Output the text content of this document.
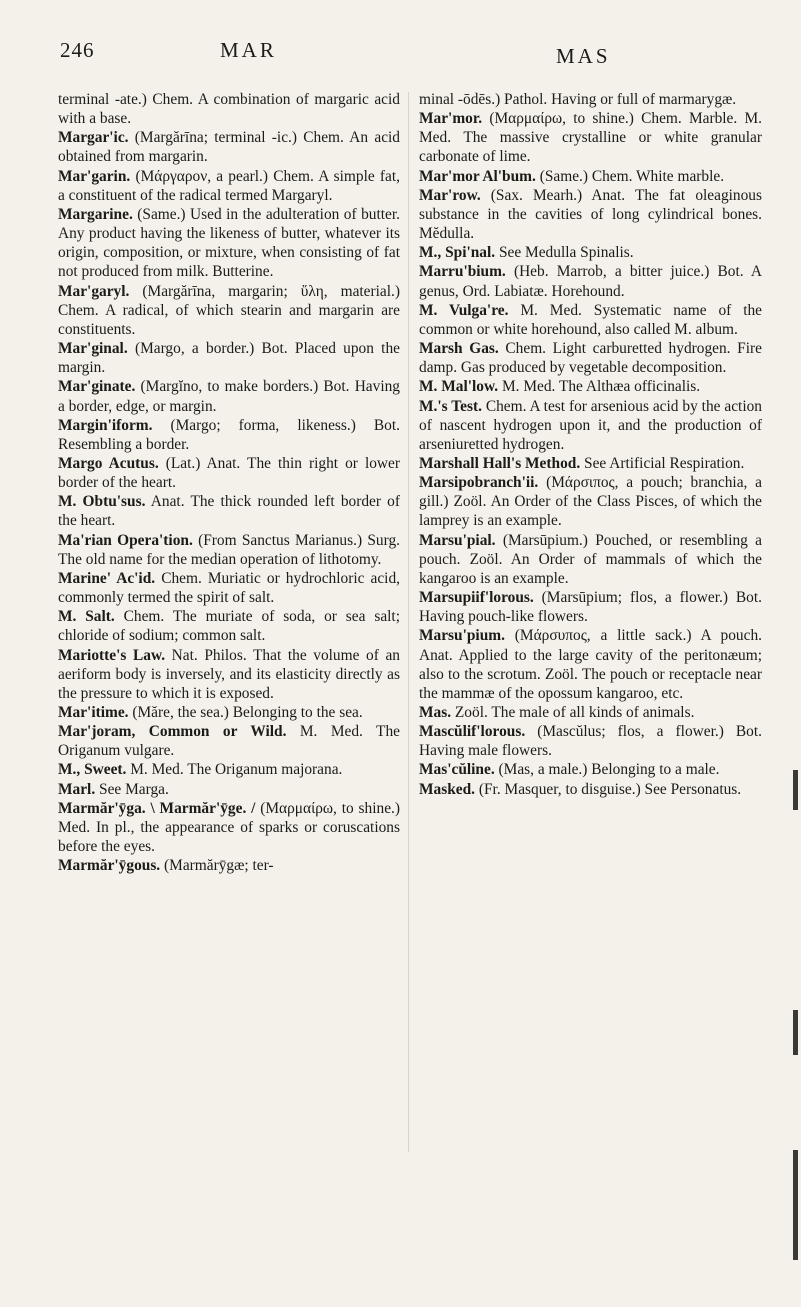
246	MAR	MAS

terminal -ate.) Chem. A combination of margaric acid with a base.

Margar'ic. (Margărīna; terminal -ic.) Chem. An acid obtained from margarin.

Mar'garin. (Μάργαρον, a pearl.) Chem. A simple fat, a constituent of the radical termed Margaryl.

Margarine. (Same.) Used in the adulteration of butter. Any product having the likeness of butter, whatever its origin, composition, or mixture, when consisting of fat not produced from milk. Butterine.

Mar'garyl. (Margărīna, margarin; ὕλη, material.) Chem. A radical, of which stearin and margarin are constituents.

Mar'ginal. (Margo, a border.) Bot. Placed upon the margin.

Mar'ginate. (Margĭno, to make borders.) Bot. Having a border, edge, or margin.

Margin'iform. (Margo; forma, likeness.) Bot. Resembling a border.

Margo Acutus. (Lat.) Anat. The thin right or lower border of the heart.

M. Obtu'sus. Anat. The thick rounded left border of the heart.

Ma'rian Opera'tion. (From Sanctus Marianus.) Surg. The old name for the median operation of lithotomy.

Marine' Ac'id. Chem. Muriatic or hydrochloric acid, commonly termed the spirit of salt.

M. Salt. Chem. The muriate of soda, or sea salt; chloride of sodium; common salt.

Mariotte's Law. Nat. Philos. That the volume of an aeriform body is inversely, and its elasticity directly as the pressure to which it is exposed.

Mar'itime. (Măre, the sea.) Belonging to the sea.

Mar'joram, Common or Wild. M. Med. The Origanum vulgare.

M., Sweet. M. Med. The Origanum majorana.

Marl. See Marga.

Marmăr'ȳga. \ Marmăr'ȳge. / (Μαρμαίρω, to shine.) Med. In pl., the appearance of sparks or coruscations before the eyes.

Marmăr'ȳgous. (Marmărȳgæ; ter-

minal -ōdēs.) Pathol. Having or full of marmarygæ.

Mar'mor. (Μαρμαίρω, to shine.) Chem. Marble. M. Med. The massive crystalline or white granular carbonate of lime.

Mar'mor Al'bum. (Same.) Chem. White marble.

Mar'row. (Sax. Mearh.) Anat. The fat oleaginous substance in the cavities of long cylindrical bones. Mĕdulla.

M., Spi'nal. See Medulla Spinalis.

Marru'bium. (Heb. Marrob, a bitter juice.) Bot. A genus, Ord. Labiatæ. Horehound.

M. Vulga're. M. Med. Systematic name of the common or white horehound, also called M. album.

Marsh Gas. Chem. Light carburetted hydrogen. Fire damp. Gas produced by vegetable decomposition.

M. Mal'low. M. Med. The Althæa officinalis.

M.'s Test. Chem. A test for arsenious acid by the action of nascent hydrogen upon it, and the production of arseniuretted hydrogen.

Marshall Hall's Method. See Artificial Respiration.

Marsipobranch'ii. (Μάρσιπος, a pouch; branchia, a gill.) Zoöl. An Order of the Class Pisces, of which the lamprey is an example.

Marsu'pial. (Marsūpium.) Pouched, or resembling a pouch. Zoöl. An Order of mammals of which the kangaroo is an example.

Marsupiif'lorous. (Marsūpium; flos, a flower.) Bot. Having pouch-like flowers.

Marsu'pium. (Μάρσυπος, a little sack.) A pouch. Anat. Applied to the large cavity of the peritonæum; also to the scrotum. Zoöl. The pouch or receptacle near the mammæ of the opossum kangaroo, etc.

Mas. Zoöl. The male of all kinds of animals.

Mascŭlif'lorous. (Mascŭlus; flos, a flower.) Bot. Having male flowers.

Mas'cŭline. (Mas, a male.) Belonging to a male.

Masked. (Fr. Masquer, to disguise.) See Personatus.
